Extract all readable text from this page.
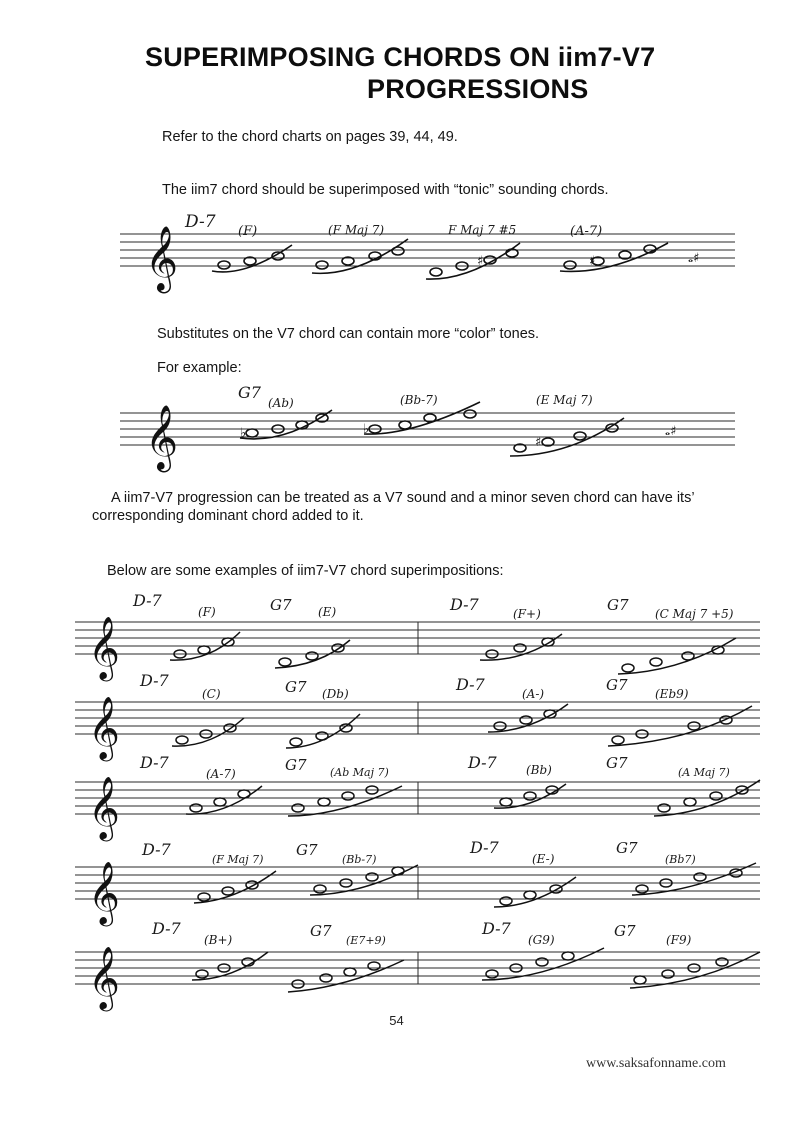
SUPERIMPOSING CHORDS ON iim7-V7
PROGRESSIONS

Refer to the chord charts on pages 39, 44, 49.

The iim7 chord should be superimposed with “tonic” sounding chords.

𝄞
D-7 (F)	(F Maj 7)	F Maj 7 #5	(A-7)
♯	♯	𝅝♯

Substitutes on the V7 chord can contain more “color” tones.

For example:

𝄞
G7
(Ab)	(Bb-7)	(E Maj 7)
♭	♭
♯
𝅝♯

A iim7-V7 progression can be treated as a V7 sound and a minor seven chord can have its’

corresponding dominant chord added to it.

Below are some examples of iim7-V7 chord superimpositions:

𝄞
D-7
(F)	G7 (E)	D-7	(F+)	G7 (C Maj 7 +5)
𝄞
D-7
(C)	G7 (Db)	D-7	(A-)	G7 (Eb9)
𝄞
D-7
(A-7)	G7 (Ab Maj 7)
D-7 (Bb)	G7
(A Maj 7)
𝄞
D-7
(F Maj 7)
G7
(Bb-7)
D-7
(E-)
G7
(Bb7)
𝄞
D-7
(B+)	G7
(E7+9)
D-7
(G9)	G7	(F9)
54
www.saksafonname.com
